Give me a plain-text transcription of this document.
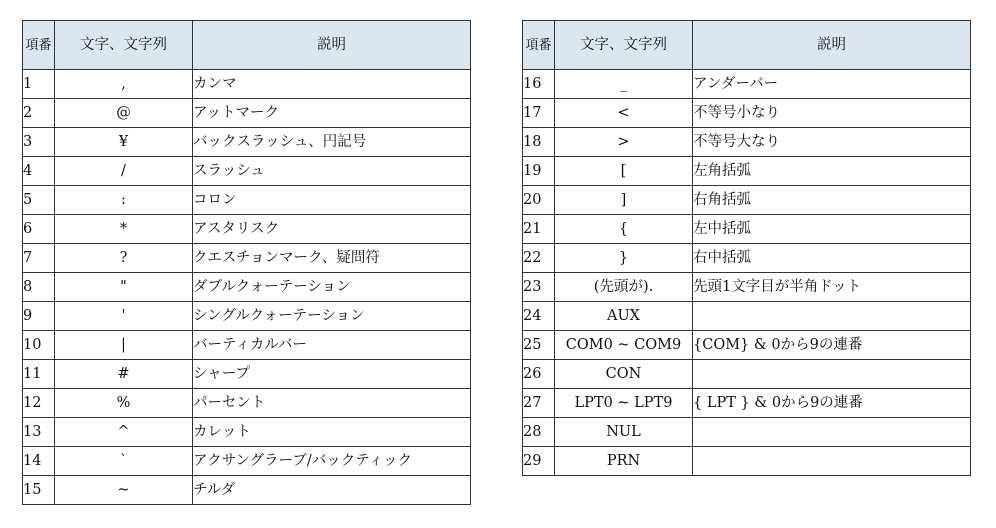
項番	文字、文字列	説明
1	,	カンマ
2	@	アットマーク
3	¥	バックスラッシュ、円記号
4	/	スラッシュ
5	:	コロン
6	*	アスタリスク
7	?	クエスチョンマーク、疑問符
8	"	ダブルクォーテーション
9	'	シングルクォーテーション
10	|	バーティカルバー
11	#	シャープ
12	%	パーセント
13	^	カレット
14	`	アクサングラーブ/バックティック
15	~	チルダ
項番	文字、文字列	説明
16	_	アンダーバー
17	<	不等号小なり
18	>	不等号大なり
19	[	左角括弧
20	]	右角括弧
21	{	左中括弧
22	}	右中括弧
23	(先頭が).	先頭1文字目が半角ドット
24	AUX	
25	COM0 ~ COM9	{COM} & 0から9の連番
26	CON	
27	LPT0 ~ LPT9	{ LPT } & 0から9の連番
28	NUL	
29	PRN	
